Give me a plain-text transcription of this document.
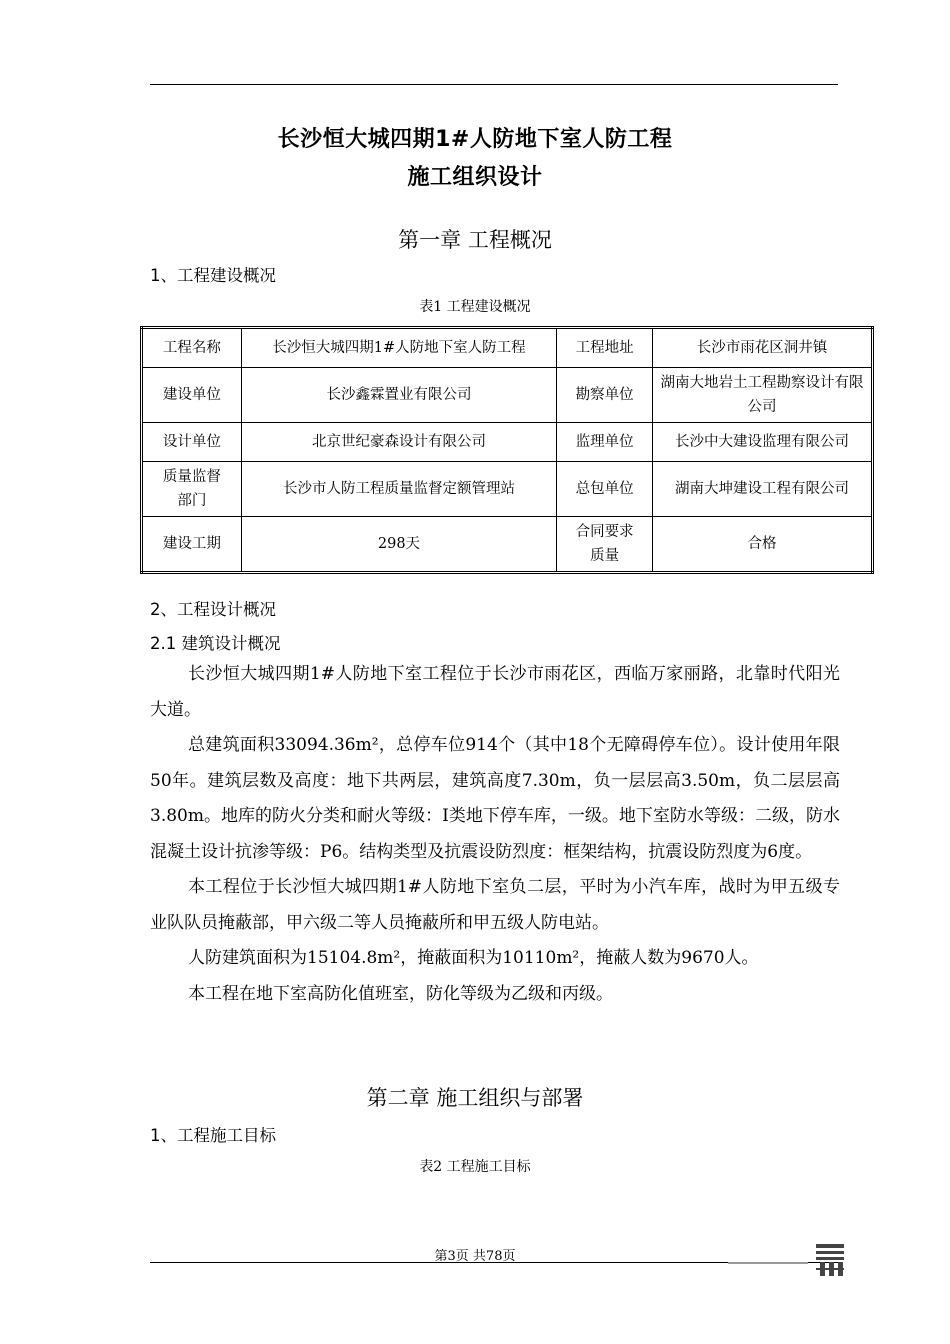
长沙恒大城四期1#人防地下室人防工程
施工组织设计
第一章 工程概况
1、工程建设概况
表1 工程建设概况
工程名称	长沙恒大城四期1#人防地下室人防工程	工程地址	长沙市雨花区洞井镇
建设单位	长沙鑫霖置业有限公司	勘察单位	湖南大地岩土工程勘察设计有限公司
设计单位	北京世纪豪森设计有限公司	监理单位	长沙中大建设监理有限公司
质量监督部门	长沙市人防工程质量监督定额管理站	总包单位	湖南大坤建设工程有限公司
建设工期	298天	合同要求质量	合格
2、工程设计概况
2.1 建筑设计概况

长沙恒大城四期1#人防地下室工程位于长沙市雨花区，西临万家丽路，北靠时代阳光大道。

总建筑面积33094.36m²，总停车位914个（其中18个无障碍停车位）。设计使用年限50年。建筑层数及高度：地下共两层，建筑高度7.30m，负一层层高3.50m，负二层层高3.80m。地库的防火分类和耐火等级：I类地下停车库，一级。地下室防水等级：二级，防水混凝土设计抗渗等级：P6。结构类型及抗震设防烈度：框架结构，抗震设防烈度为6度。

本工程位于长沙恒大城四期1#人防地下室负二层，平时为小汽车库，战时为甲五级专业队队员掩蔽部，甲六级二等人员掩蔽所和甲五级人防电站。

人防建筑面积为15104.8m²，掩蔽面积为10110m²，掩蔽人数为9670人。

本工程在地下室高防化值班室，防化等级为乙级和丙级。

第二章 施工组织与部署
1、工程施工目标
表2 工程施工目标
第3页 共78页
